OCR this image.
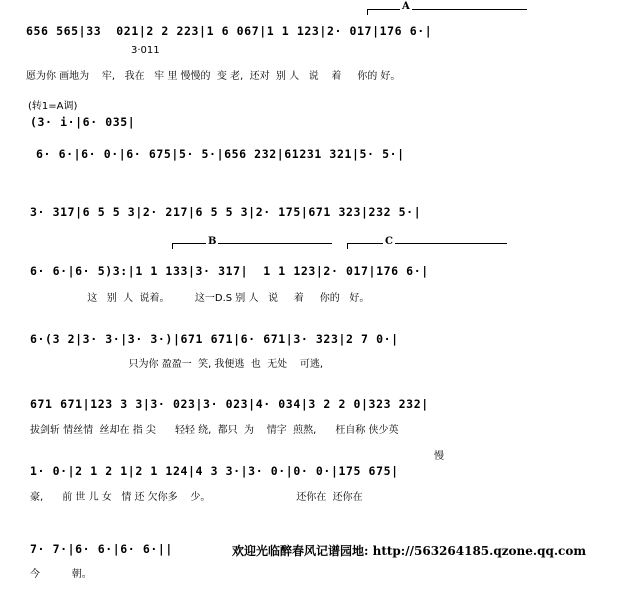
A
656 565|33  021|2 2 223|1 6 067|1 1 123|2· 017|176 6·|
3·011
愿为你 画地为    牢,   我在   牢 里 慢慢的  变 老,  还对  别 人   说    着     你的 好。
(转1=A调)
(3· i·|6· 035|
6· 6·|6· 0·|6· 675|5· 5·|656 232|61231 321|5· 5·|
3· 317|6 5 5 3|2· 217|6 5 5 3|2· 175|671 323|232 5·|
B	C
6· 6·|6· 5)3:|1 1 133|3· 317|  1 1 123|2· 017|176 6·|
这   别  人  说着。        这一D.S 别 人   说     着     你的   好。
6·(3 2|3· 3·|3· 3·)|671 671|6· 671|3· 323|2 7 0·|
只为你 盈盈一  笑, 我便逃  也  无处    可逃,
671 671|123 3 3|3· 023|3· 023|4· 034|3 2 2 0|323 232|
拔剑斩 情丝情  丝却在 指 尖      轻轻 绕,  都只  为    情字  煎熬,      枉自称 侠少英
慢
1· 0·|2 1 2 1|2 1 124|4 3 3·|3· 0·|0· 0·|175 675|
豪,      前 世 儿 女   情 还 欠你多    少。                           还你在  还你在
7· 7·|6· 6·|6· 6·||	欢迎光临醉春风记谱园地: http://563264185.qzone.qq.com
今          朝。
